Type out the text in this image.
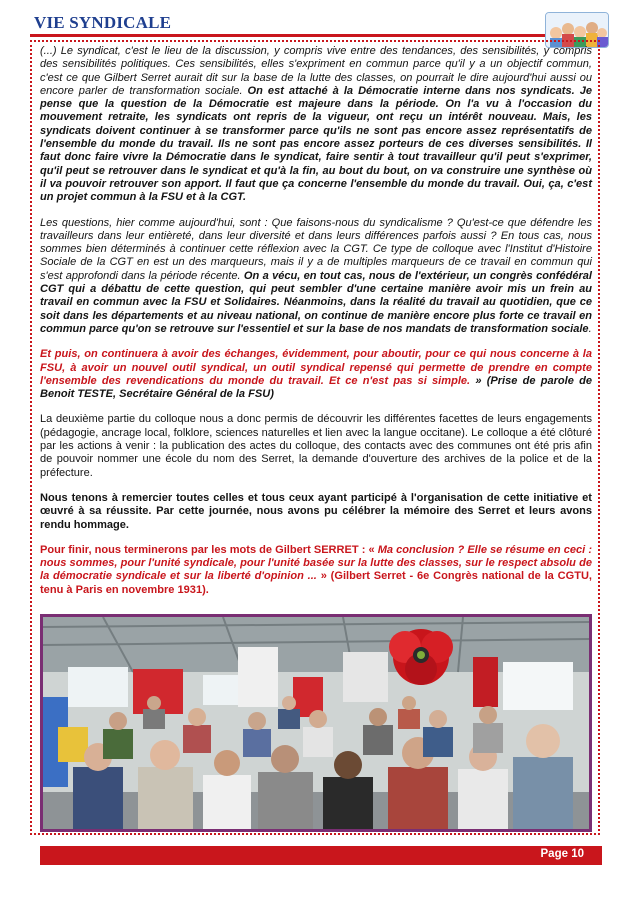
VIE SYNDICALE

(...) Le syndicat, c'est le lieu de la discussion, y compris vive entre des tendances, des sensibilités, y compris des sensibilités politiques. Ces sensibilités, elles s'expriment en commun parce qu'il y a un objectif commun, c'est ce que Gilbert Serret aurait dit sur la base de la lutte des classes, on pourrait le dire aujourd'hui aussi ou encore parler de transformation sociale. On est attaché à la Démocratie interne dans nos syndicats. Je pense que la question de la Démocratie est majeure dans la période. On l'a vu à l'occasion du mouvement retraite, les syndicats ont repris de la vigueur, ont reçu un intérêt nouveau. Mais, les syndicats doivent continuer à se transformer parce qu'ils ne sont pas encore assez représentatifs de l'ensemble du monde du travail. Ils ne sont pas encore assez porteurs de ces diverses sensibilités. Il faut donc faire vivre la Démocratie dans le syndicat, faire sentir à tout travailleur qu'il peut s'exprimer, qu'il peut se retrouver dans le syndicat et qu'à la fin, au bout du bout, on va construire une synthèse où il va pouvoir retrouver son apport. Il faut que ça concerne l'ensemble du monde du travail. Oui, ça, c'est un projet commun à la FSU et à la CGT.

Les questions, hier comme aujourd'hui, sont : Que faisons-nous du syndicalisme ? Qu'est-ce que défendre les travailleurs dans leur entièreté, dans leur diversité et dans leurs différences parfois aussi ? En tous cas, nous sommes bien déterminés à continuer cette réflexion avec la CGT. Ce type de colloque avec l'Institut d'Histoire Sociale de la CGT en est un des marqueurs, mais il y a de multiples marqueurs de ce travail en commun qui s'est approfondi dans la période récente. On a vécu, en tout cas, nous de l'extérieur, un congrès confédéral CGT qui a débattu de cette question, qui peut sembler d'une certaine manière avoir mis un frein au travail en commun avec la FSU et Solidaires. Néanmoins, dans la réalité du travail au quotidien, que ce soit dans les départements et au niveau national, on continue de manière encore plus forte ce travail en commun parce qu'on se retrouve sur l'essentiel et sur la base de nos mandats de transformation sociale.

Et puis, on continuera à avoir des échanges, évidemment, pour aboutir, pour ce qui nous concerne à la FSU, à avoir un nouvel outil syndical, un outil syndical repensé qui permette de prendre en compte l'ensemble des revendications du monde du travail. Et ce n'est pas si simple. » (Prise de parole de Benoit TESTE, Secrétaire Général de la FSU)

La deuxième partie du colloque nous a donc permis de découvrir les différentes facettes de leurs engagements (pédagogie, ancrage local, folklore, sciences naturelles et lien avec la langue occitane). Le colloque a été clôturé par les actions à venir : la publication des actes du colloque, des contacts avec des communes ont été pris afin de pouvoir nommer une école du nom des Serret, la demande d'ouverture des archives de la police et de la préfecture.

Nous tenons à remercier toutes celles et tous ceux ayant participé à l'organisation de cette initiative et œuvré à sa réussite. Par cette journée, nous avons pu célébrer la mémoire des Serret et leurs avons rendu hommage.

Pour finir, nous terminerons par les mots de Gilbert SERRET : « Ma conclusion ? Elle se résume en ceci : nous sommes, pour l'unité syndicale, pour l'unité basée sur la lutte des classes, sur le respect absolu de la démocratie syndicale et sur la liberté d'opinion ... » (Gilbert Serret - 6e Congrès national de la CGTU, tenu à Paris en novembre 1931).

Page 10
